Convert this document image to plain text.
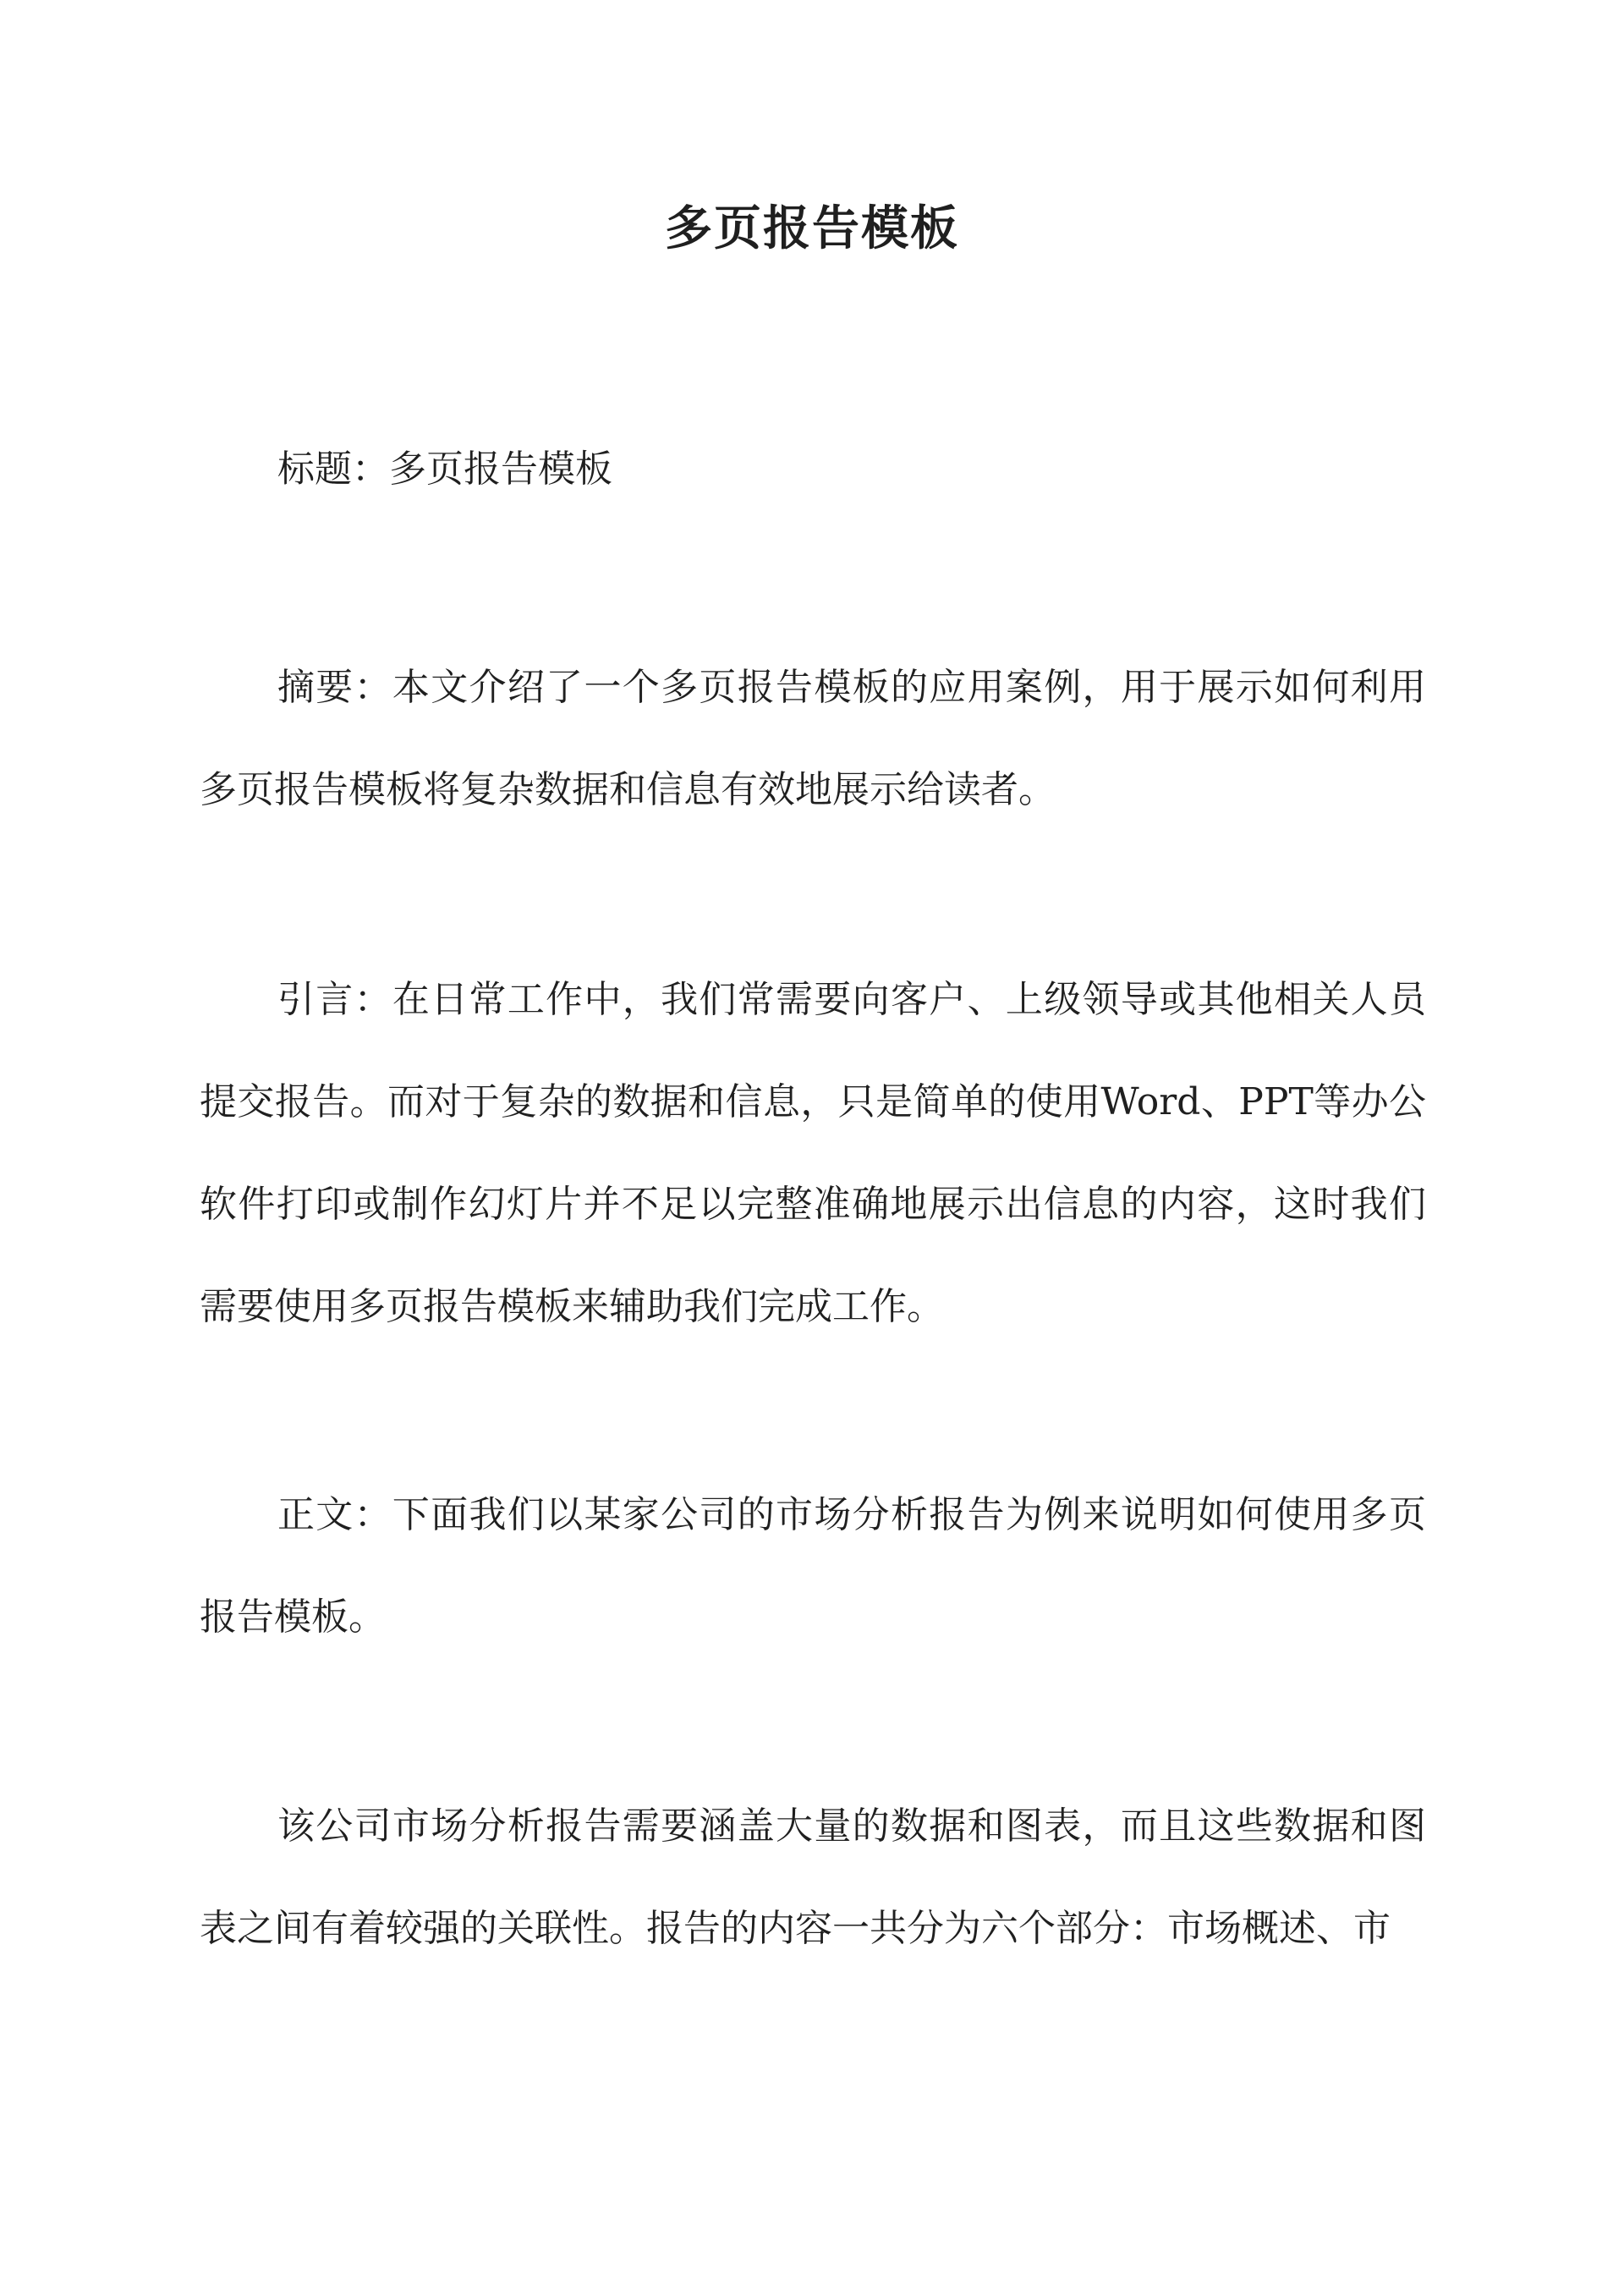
多页报告模板

标题：多页报告模板

摘要：本文介绍了一个多页报告模板的应用案例，用于展示如何利用多页报告模板将复杂数据和信息有效地展示给读者。

引言：在日常工作中，我们常需要向客户、上级领导或其他相关人员提交报告。而对于复杂的数据和信息，只是简单的使用Word、PPT等办公软件打印或制作幻灯片并不足以完整准确地展示出信息的内容，这时我们需要使用多页报告模板来辅助我们完成工作。

正文：下面我们以某家公司的市场分析报告为例来说明如何使用多页报告模板。

该公司市场分析报告需要涵盖大量的数据和图表，而且这些数据和图表之间有着较强的关联性。报告的内容一共分为六个部分：市场概述、市
